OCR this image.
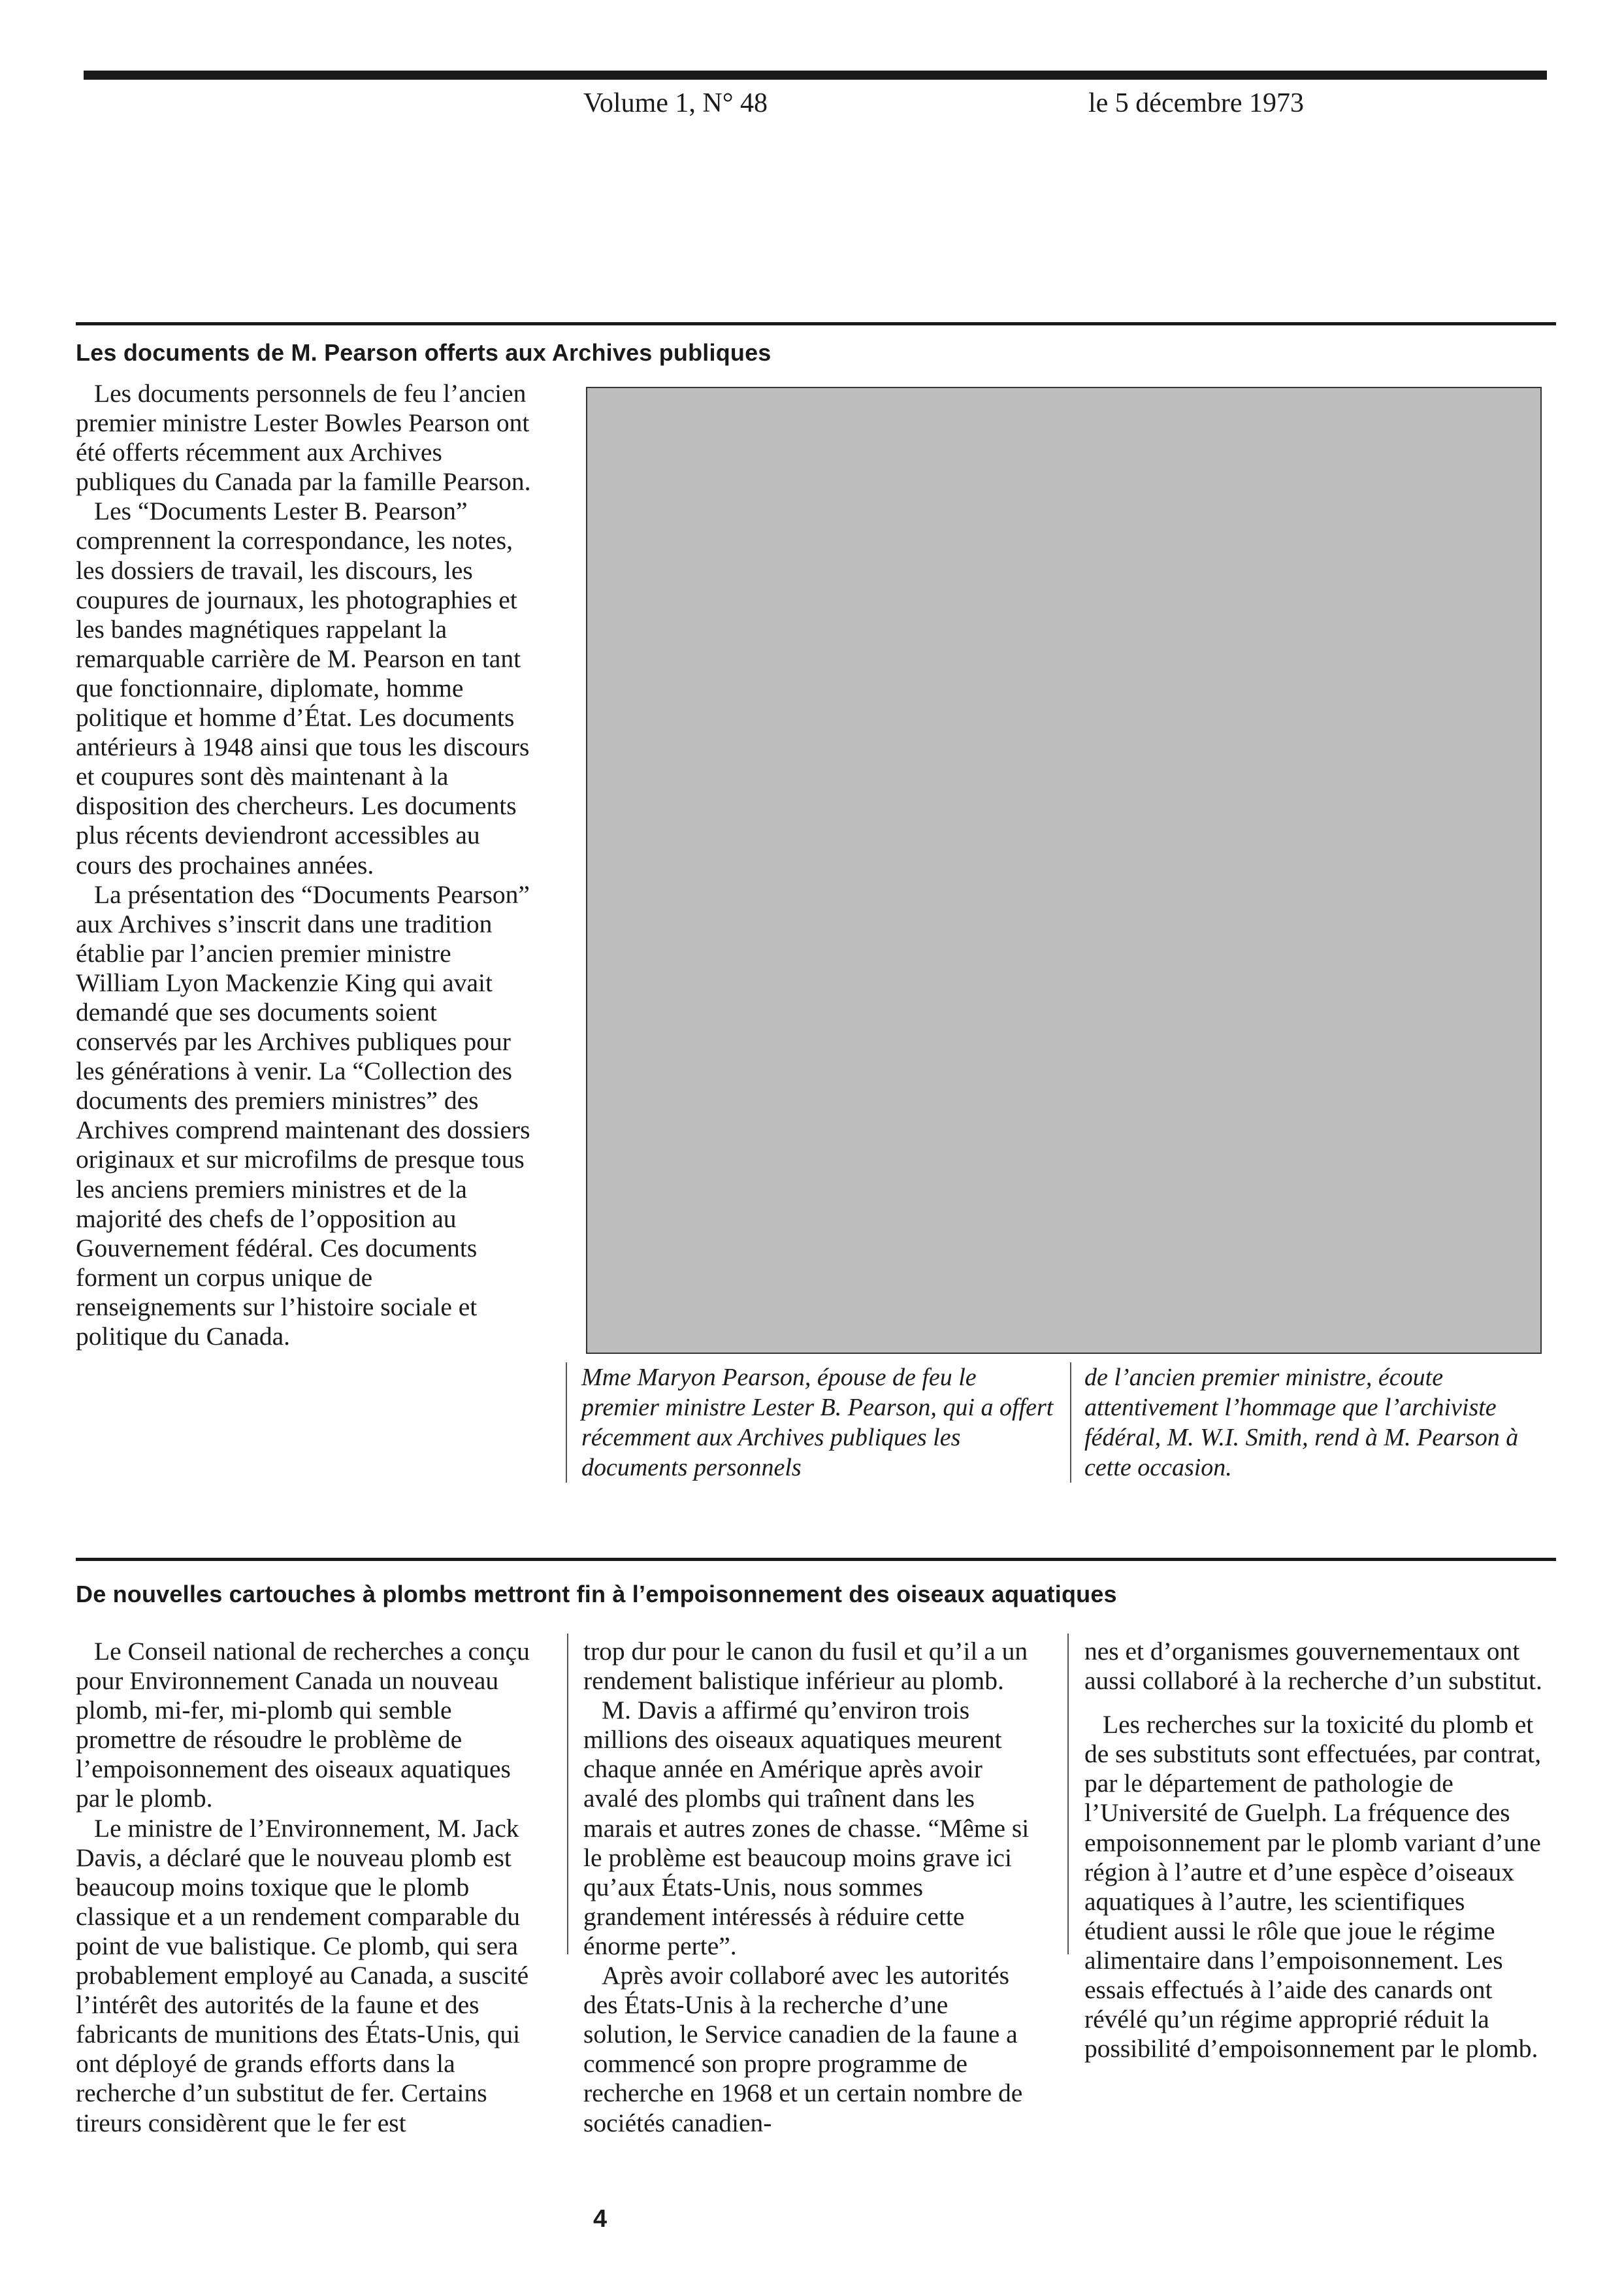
Volume 1, N° 48	le 5 décembre 1973
Les documents de M. Pearson offerts aux Archives publiques

Les documents personnels de feu l’ancien premier ministre Lester Bowles Pearson ont été offerts récemment aux Archives publiques du Canada par la famille Pearson.

Les “Documents Lester B. Pearson” comprennent la correspondance, les notes, les dossiers de travail, les discours, les coupures de journaux, les photographies et les bandes magnétiques rappelant la remarquable carrière de M. Pearson en tant que fonctionnaire, diplomate, homme politique et homme d’État. Les documents antérieurs à 1948 ainsi que tous les discours et coupures sont dès maintenant à la disposition des chercheurs. Les documents plus récents deviendront accessibles au cours des prochaines années.

La présentation des “Documents Pearson” aux Archives s’inscrit dans une tradition établie par l’ancien premier ministre William Lyon Mackenzie King qui avait demandé que ses documents soient conservés par les Archives publiques pour les générations à venir. La “Collection des documents des premiers ministres” des Archives comprend maintenant des dossiers originaux et sur microfilms de presque tous les anciens premiers ministres et de la majorité des chefs de l’opposition au Gouvernement fédéral. Ces documents forment un corpus unique de renseignements sur l’histoire sociale et politique du Canada.

Mme Maryon Pearson, épouse de feu le premier ministre Lester B. Pearson, qui a offert récemment aux Archives publiques les documents personnels
de l’ancien premier ministre, écoute attentivement l’hommage que l’archiviste fédéral, M. W.I. Smith, rend à M. Pearson à cette occasion.
De nouvelles cartouches à plombs mettront fin à l’empoisonnement des oiseaux aquatiques

Le Conseil national de recherches a conçu pour Environnement Canada un nouveau plomb, mi-fer, mi-plomb qui semble promettre de résoudre le problème de l’empoisonnement des oiseaux aquatiques par le plomb.

Le ministre de l’Environnement, M. Jack Davis, a déclaré que le nouveau plomb est beaucoup moins toxique que le plomb classique et a un rendement comparable du point de vue balistique. Ce plomb, qui sera probablement employé au Canada, a suscité l’intérêt des autorités de la faune et des fabricants de munitions des États-Unis, qui ont déployé de grands efforts dans la recherche d’un substitut de fer. Certains tireurs considèrent que le fer est

trop dur pour le canon du fusil et qu’il a un rendement balistique inférieur au plomb.

M. Davis a affirmé qu’environ trois millions des oiseaux aquatiques meurent chaque année en Amérique après avoir avalé des plombs qui traînent dans les marais et autres zones de chasse. “Même si le problème est beaucoup moins grave ici qu’aux États-Unis, nous sommes grandement intéressés à réduire cette énorme perte”.

Après avoir collaboré avec les autorités des États-Unis à la recherche d’une solution, le Service canadien de la faune a commencé son propre programme de recherche en 1968 et un certain nombre de sociétés canadien-

nes et d’organismes gouvernementaux ont aussi collaboré à la recherche d’un substitut.

Les recherches sur la toxicité du plomb et de ses substituts sont effectuées, par contrat, par le département de pathologie de l’Université de Guelph. La fréquence des empoisonnement par le plomb variant d’une région à l’autre et d’une espèce d’oiseaux aquatiques à l’autre, les scientifiques étudient aussi le rôle que joue le régime alimentaire dans l’empoisonnement. Les essais effectués à l’aide des canards ont révélé qu’un régime approprié réduit la possibilité d’empoisonnement par le plomb.

4
